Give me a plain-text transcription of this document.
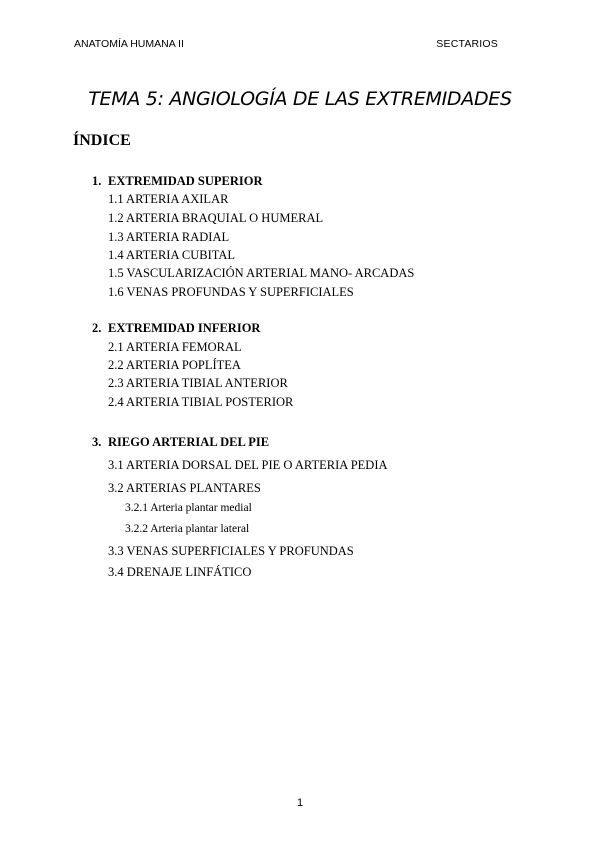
ANATOMÍA HUMANA II	SECTARIOS
TEMA 5: ANGIOLOGÍA DE LAS EXTREMIDADES
ÍNDICE
1. EXTREMIDAD SUPERIOR
1.1 ARTERIA AXILAR
1.2 ARTERIA BRAQUIAL O HUMERAL
1.3 ARTERIA RADIAL
1.4 ARTERIA CUBITAL
1.5 VASCULARIZACIÓN ARTERIAL MANO- ARCADAS
1.6 VENAS PROFUNDAS Y SUPERFICIALES
2. EXTREMIDAD INFERIOR
2.1 ARTERIA FEMORAL
2.2 ARTERIA POPLÍTEA
2.3 ARTERIA TIBIAL ANTERIOR
2.4 ARTERIA TIBIAL POSTERIOR
3. RIEGO ARTERIAL DEL PIE
3.1 ARTERIA DORSAL DEL PIE O ARTERIA PEDIA
3.2 ARTERIAS PLANTARES
3.2.1 Arteria plantar medial
3.2.2 Arteria plantar lateral
3.3 VENAS SUPERFICIALES Y PROFUNDAS
3.4 DRENAJE LINFÁTICO
1
